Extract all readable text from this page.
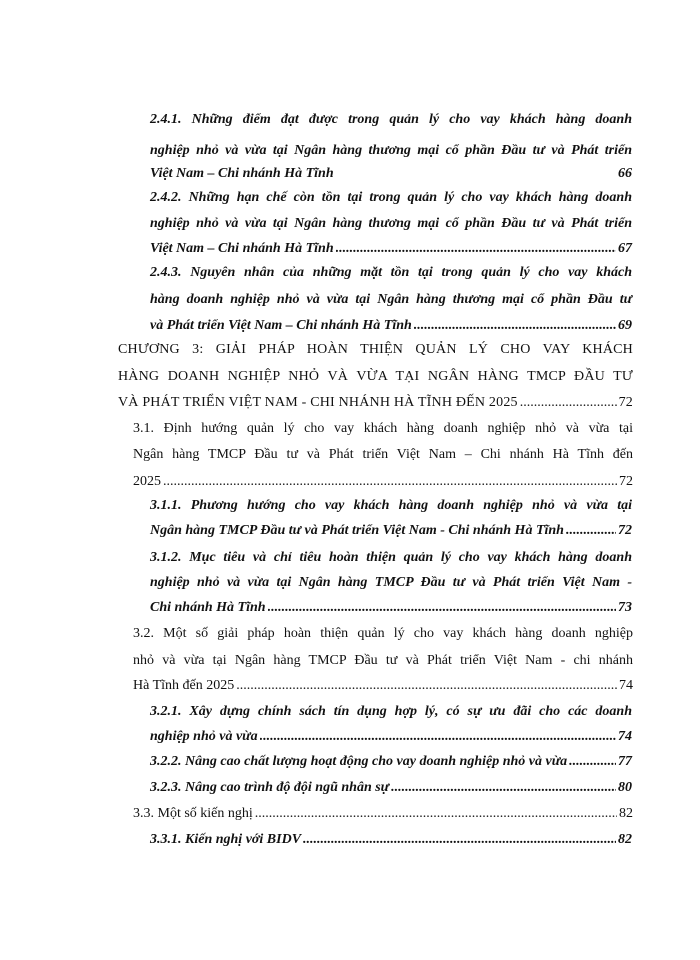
2.4.1. Những điểm đạt được trong quản lý cho vay khách hàng doanh
nghiệp nhỏ và vừa tại Ngân hàng thương mại cổ phần Đầu tư và Phát triển
Việt Nam – Chi nhánh Hà Tĩnh	66
2.4.2. Những hạn chế còn tồn tại trong quản lý cho vay khách hàng doanh
nghiệp nhỏ và vừa tại Ngân hàng thương mại cổ phần Đầu tư và Phát triển
Việt Nam – Chi nhánh Hà Tĩnh .....	67
2.4.3. Nguyên nhân của những mặt tồn tại trong quản lý cho vay khách
hàng doanh nghiệp nhỏ và vừa tại Ngân hàng thương mại cổ phần Đầu tư
và Phát triển Việt Nam – Chi nhánh Hà Tĩnh .....	69
CHƯƠNG 3: GIẢI PHÁP HOÀN THIỆN QUẢN LÝ CHO VAY KHÁCH
HÀNG DOANH NGHIỆP NHỎ VÀ VỪA TẠI NGÂN HÀNG TMCP ĐẦU TƯ
VÀ PHÁT TRIỂN VIỆT NAM - CHI NHÁNH HÀ TĨNH ĐẾN 2025 .....	72
3.1. Định hướng quản lý cho vay khách hàng doanh nghiệp nhỏ và vừa tại
Ngân hàng TMCP Đầu tư và Phát triển Việt Nam – Chi nhánh Hà Tĩnh đến
2025 .....	72
3.1.1. Phương hướng cho vay khách hàng doanh nghiệp nhỏ và vừa tại
Ngân hàng TMCP Đầu tư và Phát triển Việt Nam - Chi nhánh Hà Tĩnh .....	72
3.1.2. Mục tiêu và chỉ tiêu hoàn thiện quản lý cho vay khách hàng doanh
nghiệp nhỏ và vừa tại Ngân hàng TMCP Đầu tư và Phát triển Việt Nam -
Chi nhánh Hà Tĩnh .....	73
3.2. Một số giải pháp hoàn thiện quản lý cho vay khách hàng doanh nghiệp
nhỏ và vừa tại Ngân hàng TMCP Đầu tư và Phát triển Việt Nam - chi nhánh
Hà Tĩnh đến 2025 .....	74
3.2.1. Xây dựng chính sách tín dụng hợp lý, có sự ưu đãi cho các doanh
nghiệp nhỏ và vừa .....	74
3.2.2. Nâng cao chất lượng hoạt động cho vay doanh nghiệp nhỏ và vừa .....	77
3.2.3. Nâng cao trình độ đội ngũ nhân sự .....	80
3.3. Một số kiến nghị .....	82
3.3.1. Kiến nghị với BIDV .....	82
